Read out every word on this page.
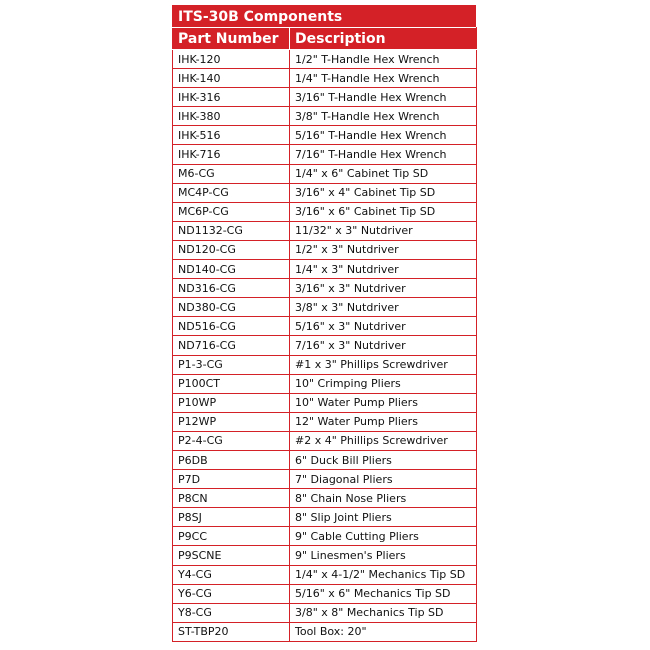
ITS-30B Components
Part Number	Description
IHK-120	1/2" T-Handle Hex Wrench
IHK-140	1/4" T-Handle Hex Wrench
IHK-316	3/16" T-Handle Hex Wrench
IHK-380	3/8" T-Handle Hex Wrench
IHK-516	5/16" T-Handle Hex Wrench
IHK-716	7/16" T-Handle Hex Wrench
M6-CG	1/4" x 6" Cabinet Tip SD
MC4P-CG	3/16" x 4" Cabinet Tip SD
MC6P-CG	3/16" x 6" Cabinet Tip SD
ND1132-CG	11/32" x 3" Nutdriver
ND120-CG	1/2" x 3" Nutdriver
ND140-CG	1/4" x 3" Nutdriver
ND316-CG	3/16" x 3" Nutdriver
ND380-CG	3/8" x 3" Nutdriver
ND516-CG	5/16" x 3" Nutdriver
ND716-CG	7/16" x 3" Nutdriver
P1-3-CG	#1 x 3" Phillips Screwdriver
P100CT	10" Crimping Pliers
P10WP	10" Water Pump Pliers
P12WP	12" Water Pump Pliers
P2-4-CG	#2 x 4" Phillips Screwdriver
P6DB	6" Duck Bill Pliers
P7D	7" Diagonal Pliers
P8CN	8" Chain Nose Pliers
P8SJ	8" Slip Joint Pliers
P9CC	9" Cable Cutting Pliers
P9SCNE	9" Linesmen's Pliers
Y4-CG	1/4" x 4-1/2" Mechanics Tip SD
Y6-CG	5/16" x 6" Mechanics Tip SD
Y8-CG	3/8" x 8" Mechanics Tip SD
ST-TBP20	Tool Box: 20"
